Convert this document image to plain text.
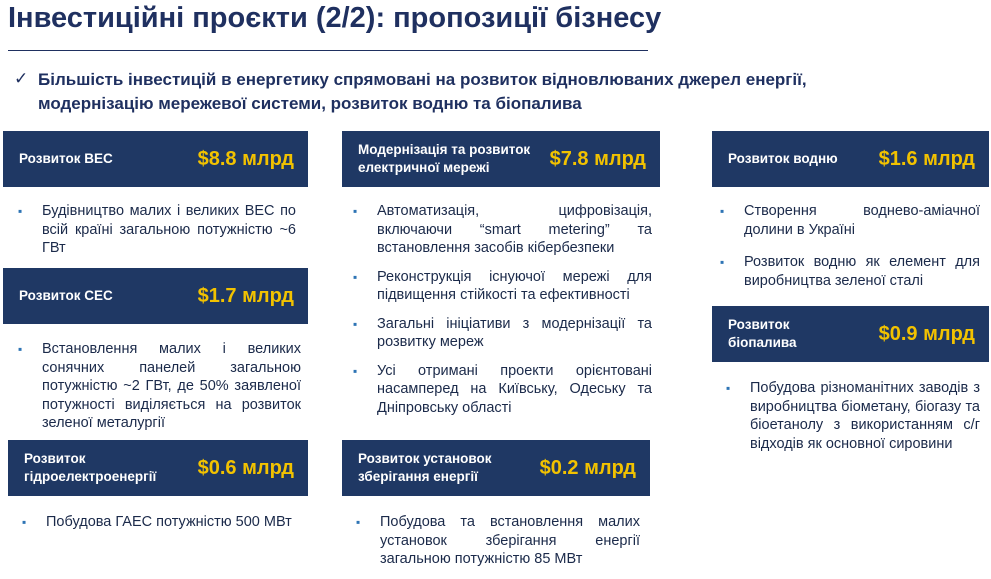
Інвестиційні проєкти (2/2): пропозиції бізнесу
✓ Більшість інвестицій в енергетику спрямовані на розвиток відновлюваних джерел енергії,
модернізацію мережевої системи, розвиток водню та біопалива
Розвиток ВЕС	$8.8 млрд
▪ Будівництво малих і великих ВЕС по всій країні загальною потужністю ~6 ГВт
Розвиток СЕС	$1.7 млрд
▪ Встановлення малих і великих сонячних панелей загальною потужністю ~2 ГВт, де 50% заявленої потужності виділяється на розвиток зеленої металургії
Розвиток
гідроелектроенергії $0.6 млрд
▪ Побудова ГАЕС потужністю 500 МВт
Модернізація та розвиток
електричної мережі	$7.8 млрд
▪ Автоматизація, цифровізація, включаючи “smart metering” та встановлення засобів кібербезпеки
▪ Реконструкція існуючої мережі для підвищення стійкості та ефективності
▪ Загальні ініціативи з модернізації та розвитку мереж
▪ Усі отримані проекти орієнтовані насамперед на Київську, Одеську та Дніпровську області
Розвиток установок
зберігання енергії	$0.2 млрд
▪ Побудова та встановлення малих установок зберігання енергії загальною потужністю 85 МВт
Розвиток водню $1.6 млрд
▪ Створення воднево-аміачної долини в Україні
▪ Розвиток водню як елемент для виробництва зеленої сталі
Розвиток
біопалива	$0.9 млрд
▪ Побудова різноманітних заводів з виробництва біометану, біогазу та біоетанолу з використанням с/г відходів як основної сировини
